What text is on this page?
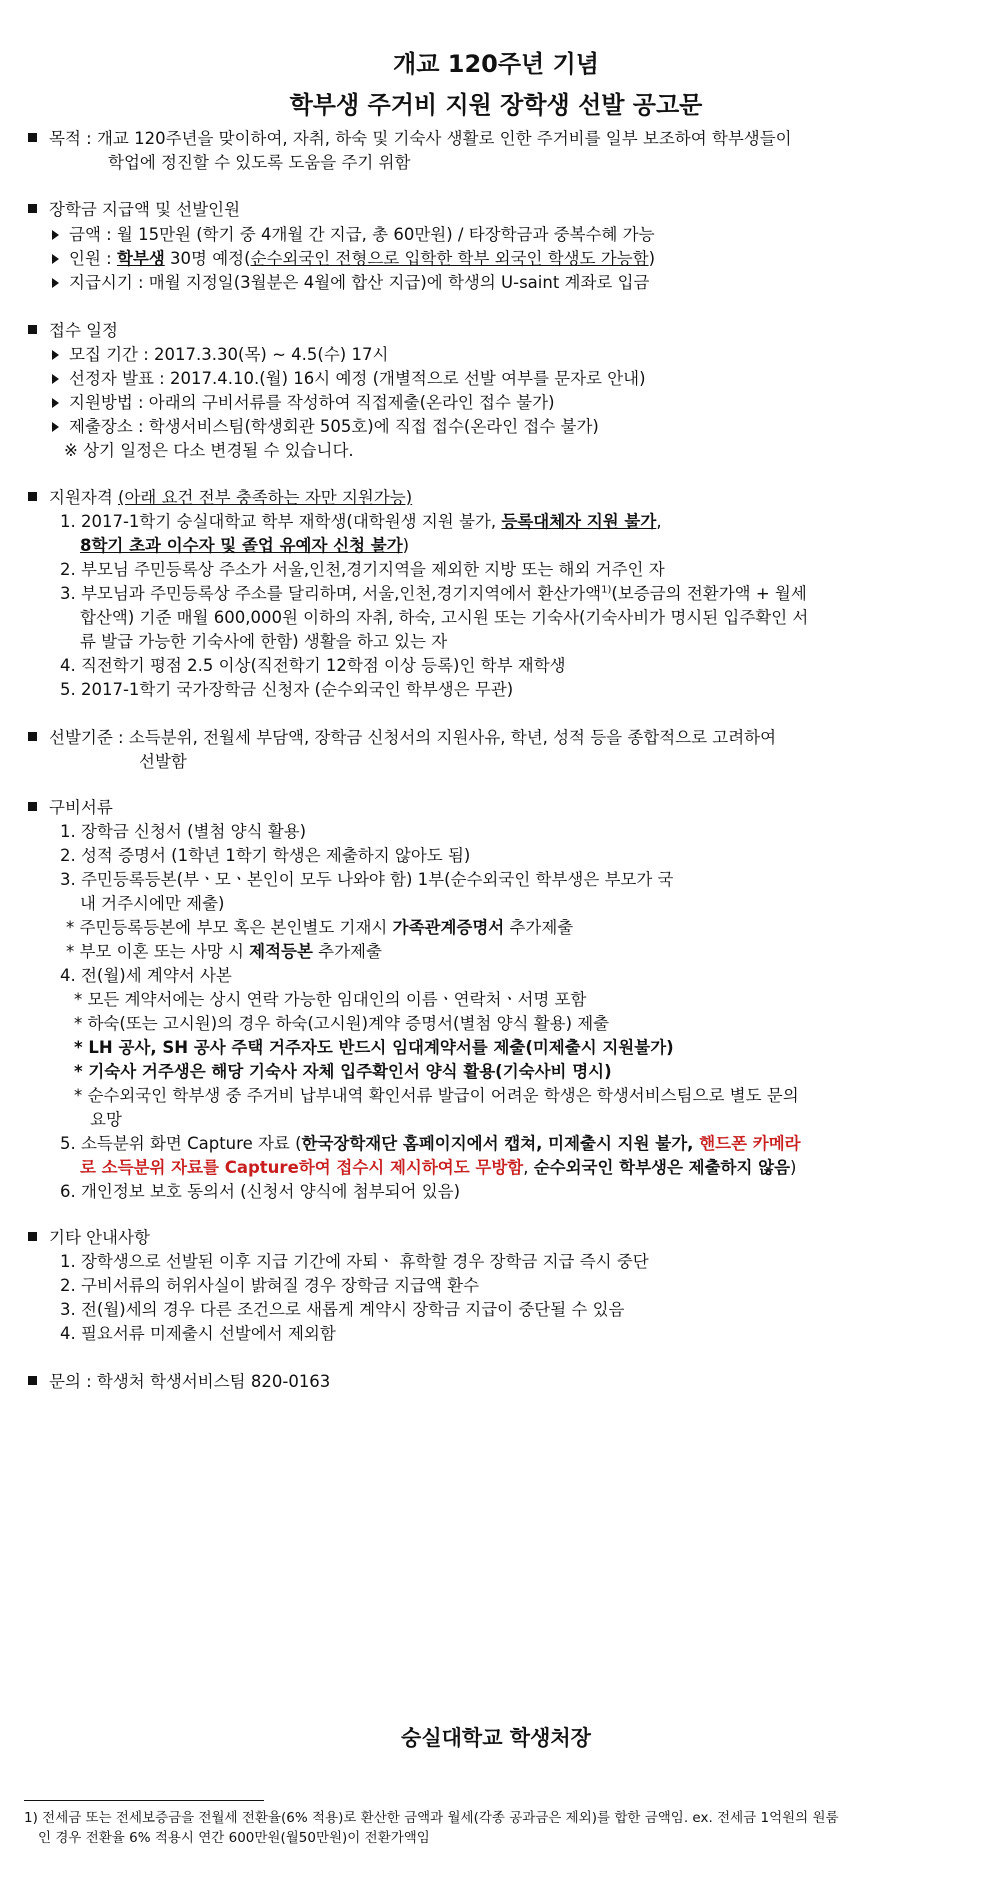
개교 120주년 기념
학부생 주거비 지원 장학생 선발 공고문
목적 : 개교 120주년을 맞이하여, 자취, 하숙 및 기숙사 생활로 인한 주거비를 일부 보조하여 학부생들이
학업에 정진할 수 있도록 도움을 주기 위함
장학금 지급액 및 선발인원
금액 : 월 15만원 (학기 중 4개월 간 지급, 총 60만원) / 타장학금과 중복수혜 가능
인원 : 학부생 30명 예정(순수외국인 전형으로 입학한 학부 외국인 학생도 가능함)
지급시기 : 매월 지정일(3월분은 4월에 합산 지급)에 학생의 U-saint 계좌로 입금
접수 일정
모집 기간 : 2017.3.30(목) ~ 4.5(수) 17시
선정자 발표 : 2017.4.10.(월) 16시 예정 (개별적으로 선발 여부를 문자로 안내)
지원방법 : 아래의 구비서류를 작성하여 직접제출(온라인 접수 불가)
제출장소 : 학생서비스팀(학생회관 505호)에 직접 접수(온라인 접수 불가)
※ 상기 일정은 다소 변경될 수 있습니다.
지원자격 (아래 요건 전부 충족하는 자만 지원가능)
1. 2017-1학기 숭실대학교 학부 재학생(대학원생 지원 불가, 등록대체자 지원 불가,
8학기 초과 이수자 및 졸업 유예자 신청 불가)
2. 부모님 주민등록상 주소가 서울,인천,경기지역을 제외한 지방 또는 해외 거주인 자
3. 부모님과 주민등록상 주소를 달리하며, 서울,인천,경기지역에서 환산가액$^{1)}$(보증금의 전환가액 + 월세
합산액) 기준 매월 600,000원 이하의 자취, 하숙, 고시원 또는 기숙사(기숙사비가 명시된 입주확인 서
류 발급 가능한 기숙사에 한함) 생활을 하고 있는 자
4. 직전학기 평점 2.5 이상(직전학기 12학점 이상 등록)인 학부 재학생
5. 2017-1학기 국가장학금 신청자 (순수외국인 학부생은 무관)
선발기준 : 소득분위, 전월세 부담액, 장학금 신청서의 지원사유, 학년, 성적 등을 종합적으로 고려하여
선발함
구비서류
1. 장학금 신청서 (별첨 양식 활용)
2. 성적 증명서 (1학년 1학기 학생은 제출하지 않아도 됨)
3. 주민등록등본(부ㆍ모ㆍ본인이 모두 나와야 함) 1부(순수외국인 학부생은 부모가 국
내 거주시에만 제출)
* 주민등록등본에 부모 혹은 본인별도 기재시 가족관계증명서 추가제출
* 부모 이혼 또는 사망 시 제적등본 추가제출
4. 전(월)세 계약서 사본
* 모든 계약서에는 상시 연락 가능한 임대인의 이름ㆍ연락처ㆍ서명 포함
* 하숙(또는 고시원)의 경우 하숙(고시원)계약 증명서(별첨 양식 활용) 제출
* LH 공사, SH 공사 주택 거주자도 반드시 임대계약서를 제출(미제출시 지원불가)
* 기숙사 거주생은 해당 기숙사 자체 입주확인서 양식 활용(기숙사비 명시)
* 순수외국인 학부생 중 주거비 납부내역 확인서류 발급이 어려운 학생은 학생서비스팀으로 별도 문의
요망
5. 소득분위 화면 Capture 자료 (한국장학재단 홈페이지에서 캡쳐, 미제출시 지원 불가, 핸드폰 카메라
로 소득분위 자료를 Capture하여 접수시 제시하여도 무방함, 순수외국인 학부생은 제출하지 않음)
6. 개인정보 보호 동의서 (신청서 양식에 첨부되어 있음)
기타 안내사항
1. 장학생으로 선발된 이후 지급 기간에 자퇴ㆍ 휴학할 경우 장학금 지급 즉시 중단
2. 구비서류의 허위사실이 밝혀질 경우 장학금 지급액 환수
3. 전(월)세의 경우 다른 조건으로 새롭게 계약시 장학금 지급이 중단될 수 있음
4. 필요서류 미제출시 선발에서 제외함
문의 : 학생처 학생서비스팀 820-0163
숭실대학교 학생처장
1) 전세금 또는 전세보증금을 전월세 전환율(6% 적용)로 환산한 금액과 월세(각종 공과금은 제외)를 합한 금액임. ex. 전세금 1억원의 원룸
인 경우 전환율 6% 적용시 연간 600만원(월50만원)이 전환가액임
